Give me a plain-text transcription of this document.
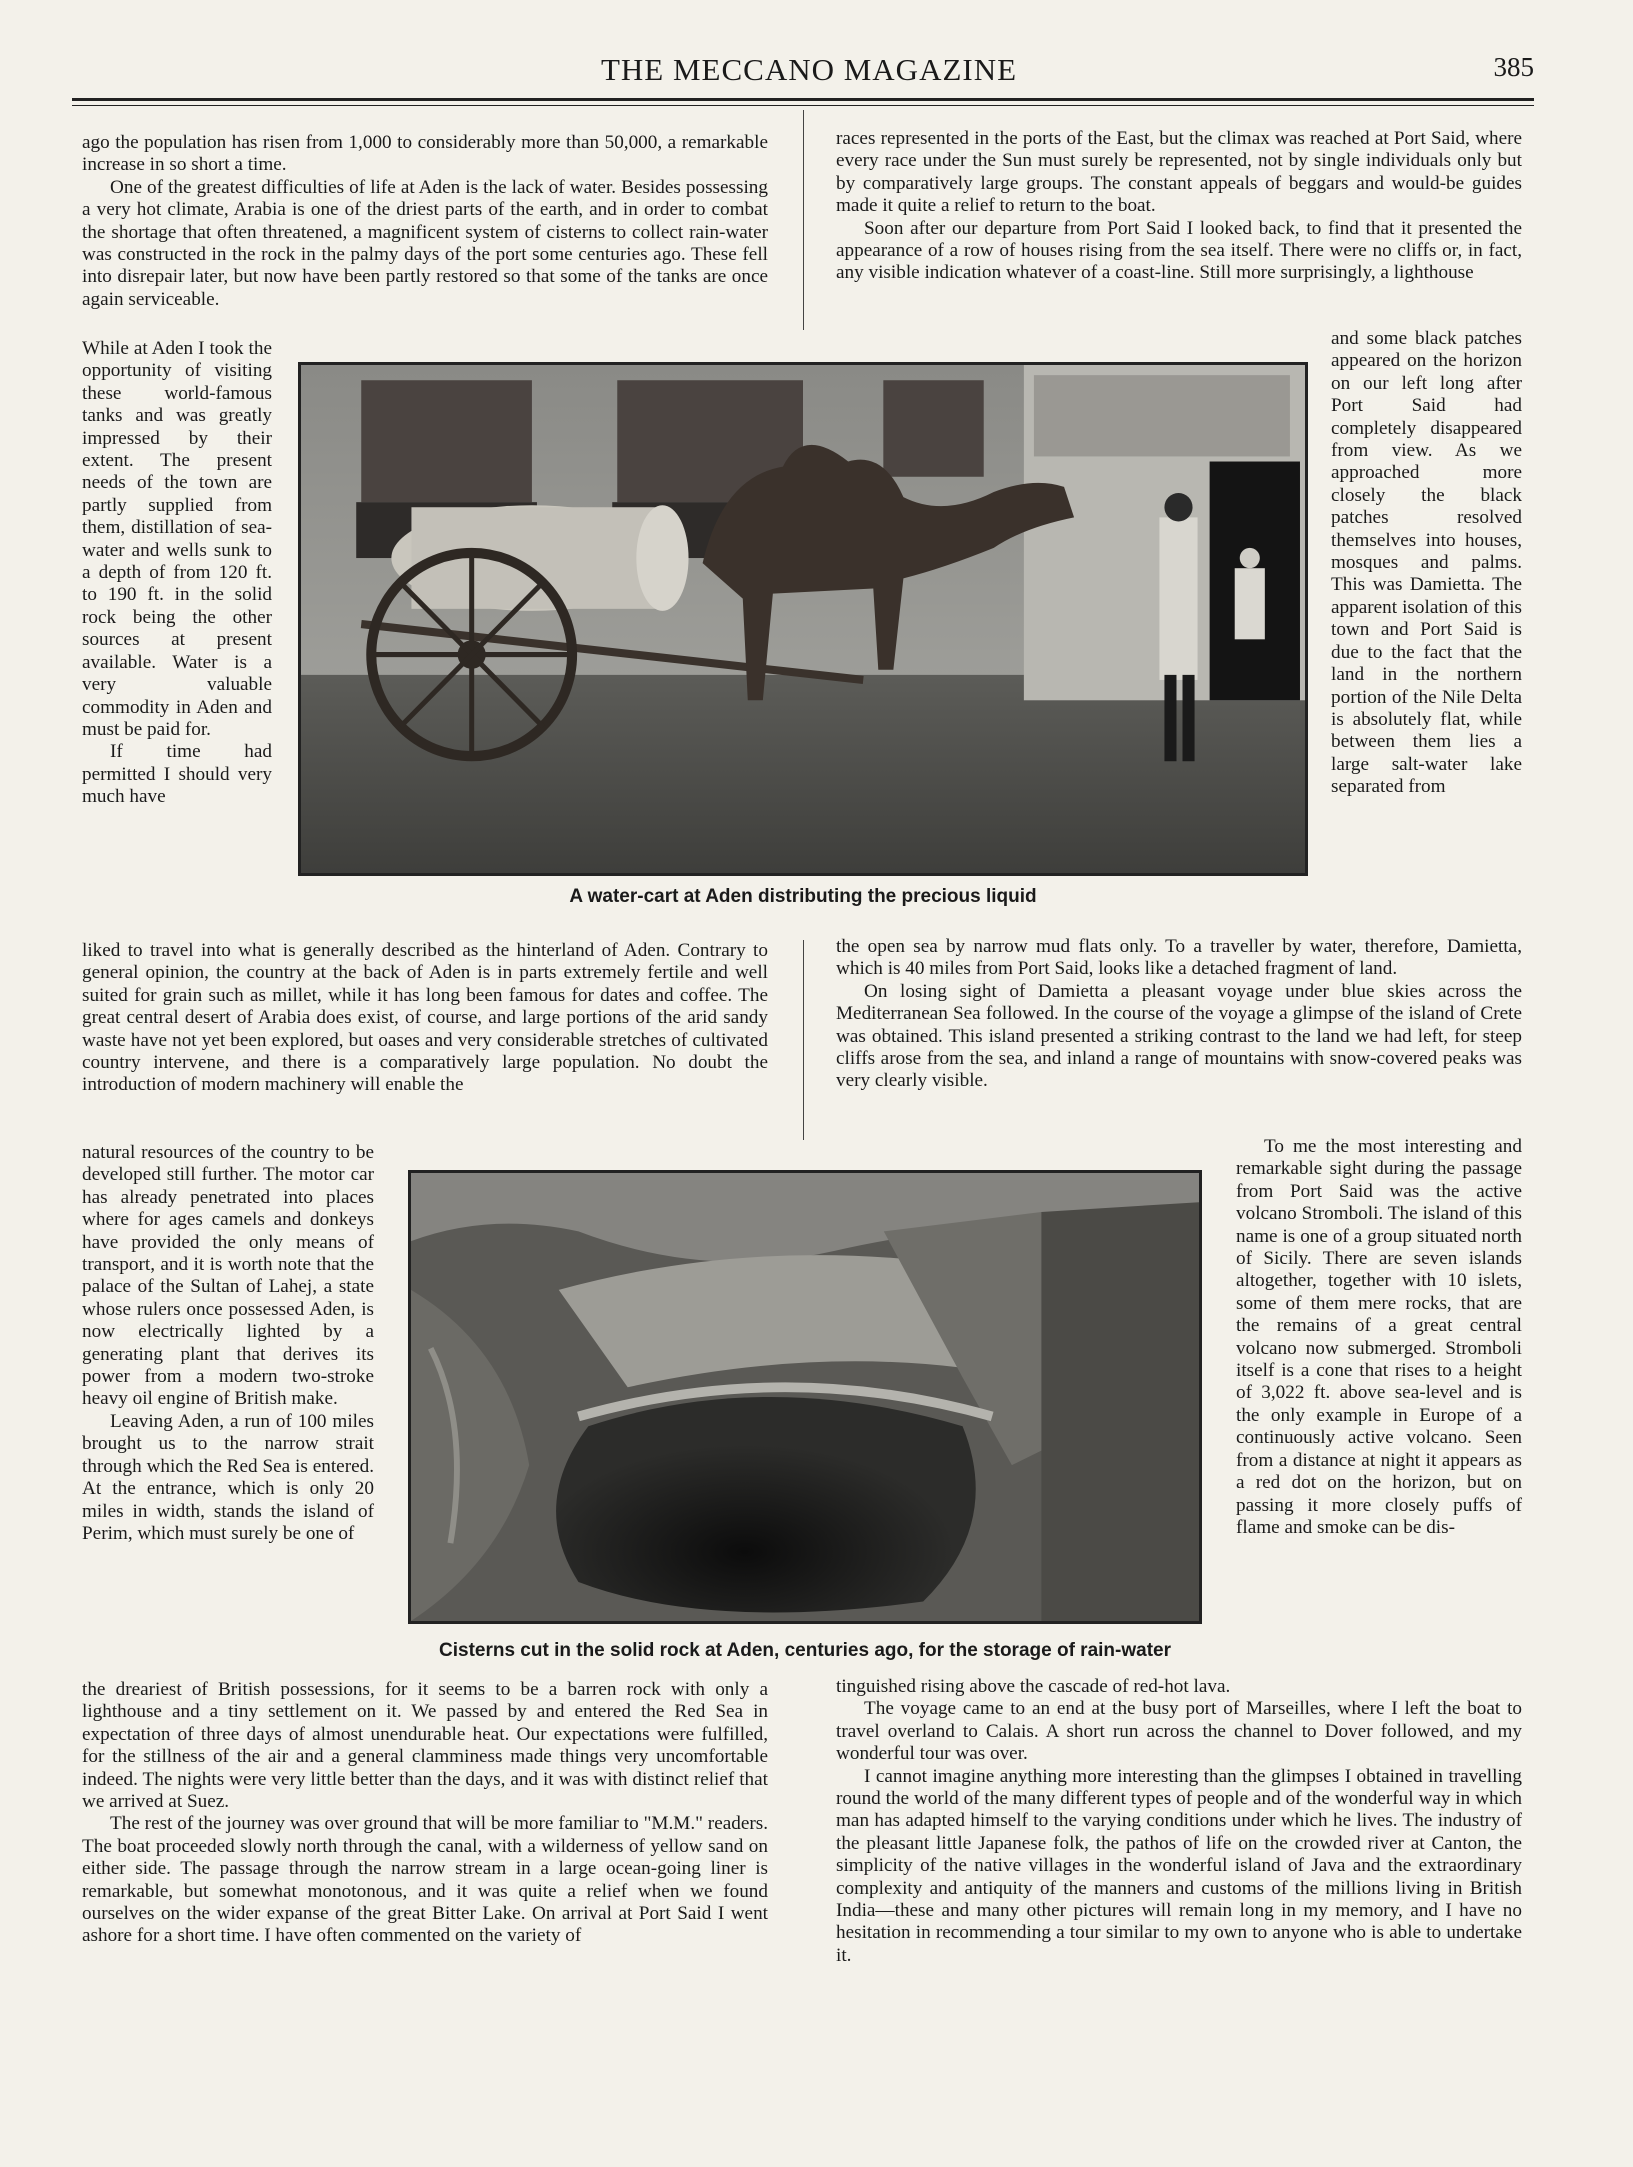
THE MECCANO MAGAZINE	385

ago the population has risen from 1,000 to considerably more than 50,000, a remarkable increase in so short a time.

One of the greatest difficulties of life at Aden is the lack of water. Besides possessing a very hot climate, Arabia is one of the driest parts of the earth, and in order to combat the shortage that often threatened, a magnificent system of cisterns to collect rain-water was constructed in the rock in the palmy days of the port some centuries ago. These fell into disrepair later, but now have been partly restored so that some of the tanks are once again serviceable.

While at Aden I took the opportunity of visiting these world-famous tanks and was greatly impressed by their extent. The present needs of the town are partly supplied from them, distillation of sea-water and wells sunk to a depth of from 120 ft. to 190 ft. in the solid rock being the other sources at present available. Water is a very valuable commodity in Aden and must be paid for.

If time had permitted I should very much have

liked to travel into what is generally described as the hinterland of Aden. Contrary to general opinion, the country at the back of Aden is in parts extremely fertile and well suited for grain such as millet, while it has long been famous for dates and coffee. The great central desert of Arabia does exist, of course, and large portions of the arid sandy waste have not yet been explored, but oases and very considerable stretches of cultivated country intervene, and there is a comparatively large population. No doubt the introduction of modern machinery will enable the

natural resources of the country to be developed still further. The motor car has already penetrated into places where for ages camels and donkeys have provided the only means of transport, and it is worth note that the palace of the Sultan of Lahej, a state whose rulers once possessed Aden, is now electrically lighted by a generating plant that derives its power from a modern two-stroke heavy oil engine of British make.

Leaving Aden, a run of 100 miles brought us to the narrow strait through which the Red Sea is entered. At the entrance, which is only 20 miles in width, stands the island of Perim, which must surely be one of

the dreariest of British possessions, for it seems to be a barren rock with only a lighthouse and a tiny settlement on it. We passed by and entered the Red Sea in expectation of three days of almost unendurable heat. Our expectations were fulfilled, for the stillness of the air and a general clamminess made things very uncomfortable indeed. The nights were very little better than the days, and it was with distinct relief that we arrived at Suez.

The rest of the journey was over ground that will be more familiar to "M.M." readers. The boat proceeded slowly north through the canal, with a wilderness of yellow sand on either side. The passage through the narrow stream in a large ocean-going liner is remarkable, but somewhat monotonous, and it was quite a relief when we found ourselves on the wider expanse of the great Bitter Lake. On arrival at Port Said I went ashore for a short time. I have often commented on the variety of

races represented in the ports of the East, but the climax was reached at Port Said, where every race under the Sun must surely be represented, not by single individuals only but by comparatively large groups. The constant appeals of beggars and would-be guides made it quite a relief to return to the boat.

Soon after our departure from Port Said I looked back, to find that it presented the appearance of a row of houses rising from the sea itself. There were no cliffs or, in fact, any visible indication whatever of a coast-line. Still more surprisingly, a lighthouse

and some black patches appeared on the horizon on our left long after Port Said had completely disappeared from view. As we approached more closely the black patches resolved themselves into houses, mosques and palms. This was Damietta. The apparent isolation of this town and Port Said is due to the fact that the land in the northern portion of the Nile Delta is absolutely flat, while between them lies a large salt-water lake separated from

the open sea by narrow mud flats only. To a traveller by water, therefore, Damietta, which is 40 miles from Port Said, looks like a detached fragment of land.

On losing sight of Damietta a pleasant voyage under blue skies across the Mediterranean Sea followed. In the course of the voyage a glimpse of the island of Crete was obtained. This island presented a striking contrast to the land we had left, for steep cliffs arose from the sea, and inland a range of mountains with snow-covered peaks was very clearly visible.

To me the most interesting and remarkable sight during the passage from Port Said was the active volcano Stromboli. The island of this name is one of a group situated north of Sicily. There are seven islands altogether, together with 10 islets, some of them mere rocks, that are the remains of a great central volcano now submerged. Stromboli itself is a cone that rises to a height of 3,022 ft. above sea-level and is the only example in Europe of a continuously active volcano. Seen from a distance at night it appears as a red dot on the horizon, but on passing it more closely puffs of flame and smoke can be dis-

tinguished rising above the cascade of red-hot lava.

The voyage came to an end at the busy port of Marseilles, where I left the boat to travel overland to Calais. A short run across the channel to Dover followed, and my wonderful tour was over.

I cannot imagine anything more interesting than the glimpses I obtained in travelling round the world of the many different types of people and of the wonderful way in which man has adapted himself to the varying conditions under which he lives. The industry of the pleasant little Japanese folk, the pathos of life on the crowded river at Canton, the simplicity of the native villages in the wonderful island of Java and the extraordinary complexity and antiquity of the manners and customs of the millions living in British India—these and many other pictures will remain long in my memory, and I have no hesitation in recommending a tour similar to my own to anyone who is able to undertake it.

A water-cart at Aden distributing the precious liquid
Cisterns cut in the solid rock at Aden, centuries ago, for the storage of rain-water
